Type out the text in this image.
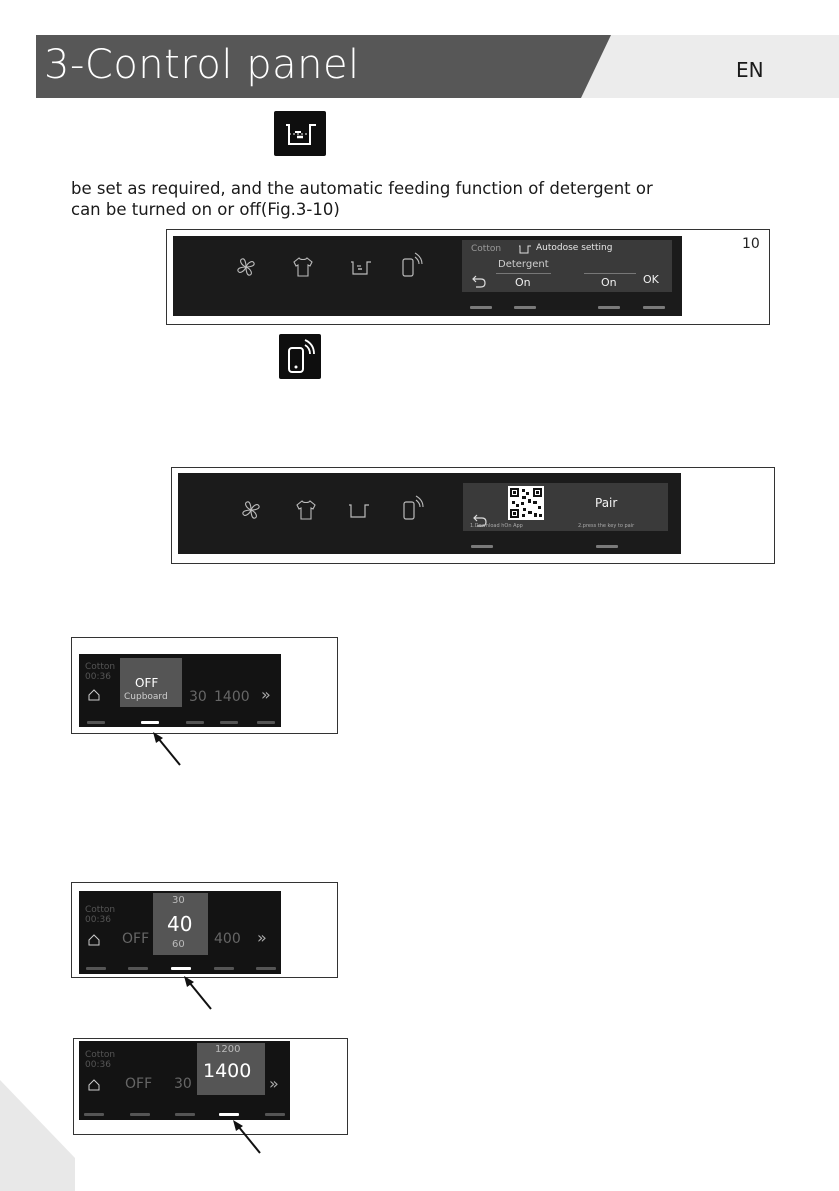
3-Control panel	EN
be set as required, and the automatic feeding function of detergent or
can be turned on or off(Fig.3-10)
10
Cotton	Autodose setting
Detergent
On	On OK
1.Download hOn App
Pair
2.press the key to pair
Cotton
00:36 OFF
Cupboard 30 1400 »
Cotton
00:36
OFF
30
40
60 400 »
Cotton
00:36
OFF 30
1200
1400
»
